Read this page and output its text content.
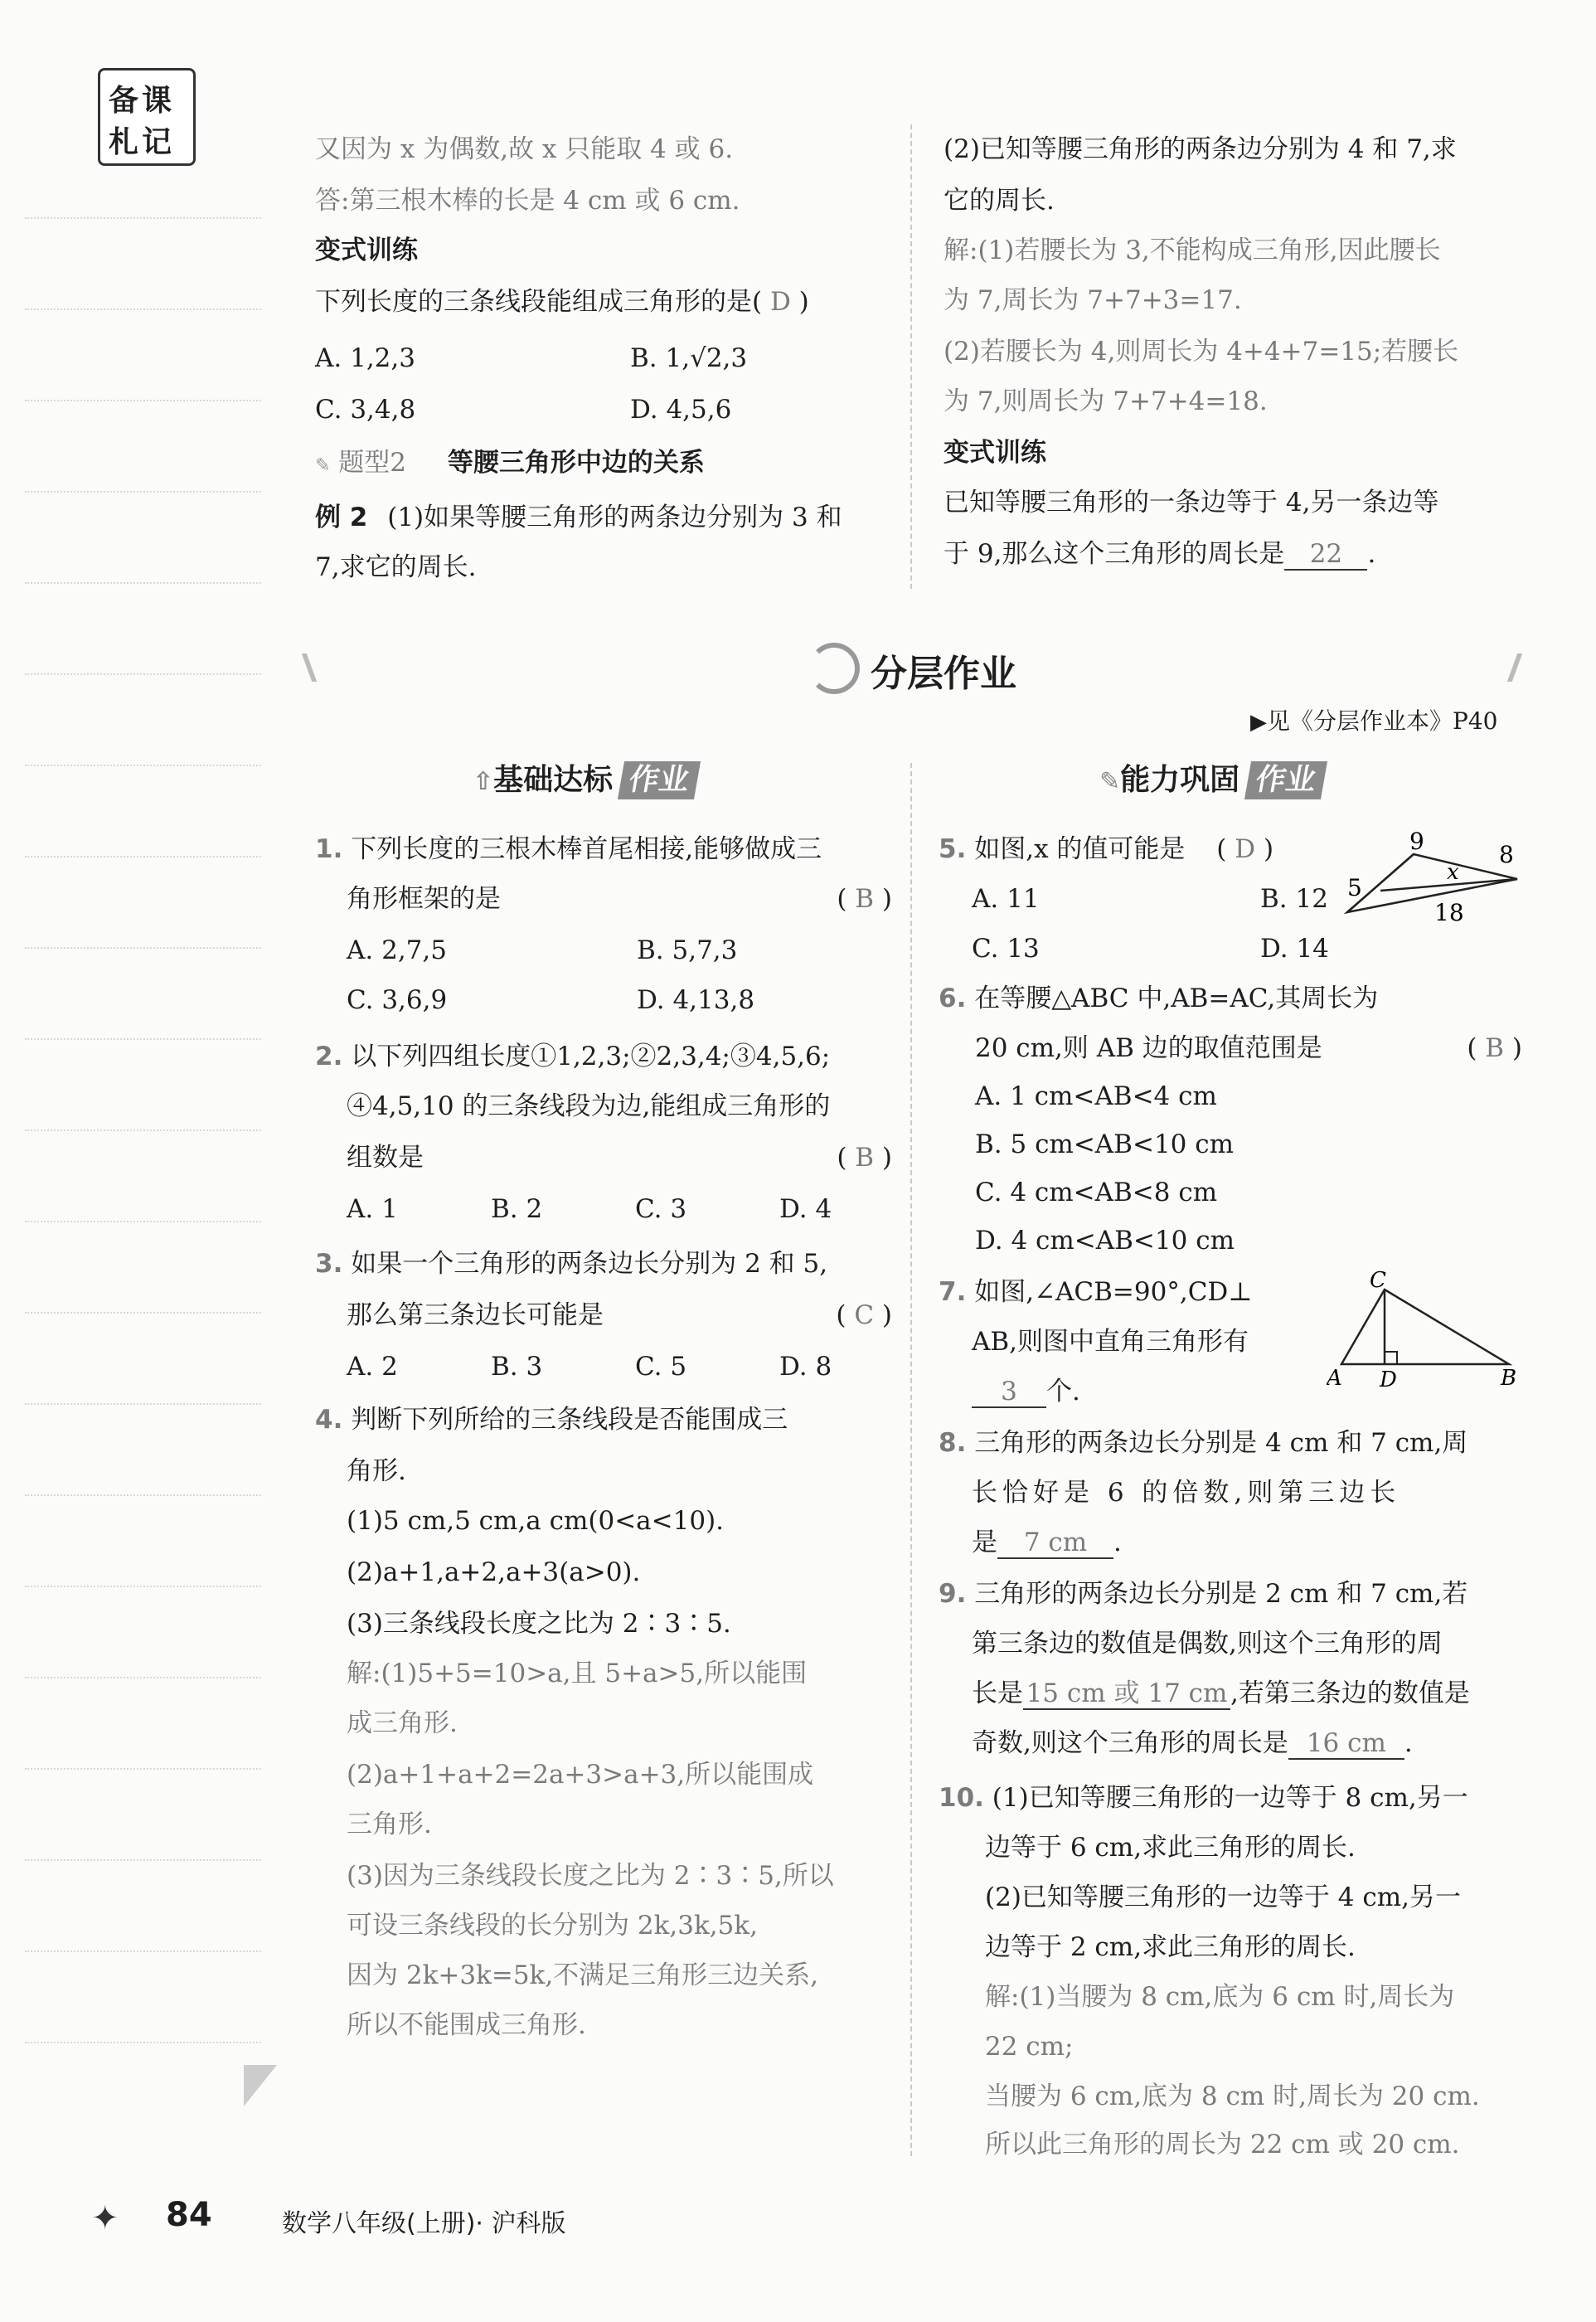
备课
札记	又因为 x 为偶数,故 x 只能取 4 或 6.
答:第三根木棒的长是 4 cm 或 6 cm.
变式训练
下列长度的三条线段能组成三角形的是( D )
A. 1,2,3	B. 1,√2,3
C. 3,4,8	D. 4,5,6
✎ 题型2 等腰三角形中边的关系
例 2 (1)如果等腰三角形的两条边分别为 3 和
7,求它的周长.
(2)已知等腰三角形的两条边分别为 4 和 7,求
它的周长.
解:(1)若腰长为 3,不能构成三角形,因此腰长
为 7,周长为 7+7+3=17.
(2)若腰长为 4,则周长为 4+4+7=15;若腰长
为 7,则周长为 7+7+4=18.
变式训练
已知等腰三角形的一条边等于 4,另一条边等
于 9,那么这个三角形的周长是 22 .
分层作业
▶见《分层作业本》P40
⇧基础达标 作业
1. 下列长度的三根木棒首尾相接,能够做成三
角形框架的是	( B )
A. 2,7,5	B. 5,7,3
C. 3,6,9	D. 4,13,8
2. 以下列四组长度①1,2,3;②2,3,4;③4,5,6;
④4,5,10 的三条线段为边,能组成三角形的
组数是	( B )
A. 1	B. 2	C. 3	D. 4
3. 如果一个三角形的两条边长分别为 2 和 5,
那么第三条边长可能是	( C )
A. 2	B. 3	C. 5	D. 8
4. 判断下列所给的三条线段是否能围成三
角形.
(1)5 cm,5 cm,a cm(0<a<10).
(2)a+1,a+2,a+3(a>0).
(3)三条线段长度之比为 2∶3∶5.
解:(1)5+5=10>a,且 5+a>5,所以能围
成三角形.
(2)a+1+a+2=2a+3>a+3,所以能围成
三角形.
(3)因为三条线段长度之比为 2∶3∶5,所以
可设三条线段的长分别为 2k,3k,5k,
因为 2k+3k=5k,不满足三角形三边关系,
所以不能围成三角形.
✎能力巩固 作业
5. 如图,x 的值可能是 ( D )
A. 11	B. 12
C. 13	D. 14
9	8
x
5
18
6. 在等腰△ABC 中,AB=AC,其周长为
20 cm,则 AB 边的取值范围是	( B )
A. 1 cm<AB<4 cm
B. 5 cm<AB<10 cm
C. 4 cm<AB<8 cm
D. 4 cm<AB<10 cm
7. 如图,∠ACB=90°,CD⊥
AB,则图中直角三角形有
3 个.
C
A D	B
8. 三角形的两条边长分别是 4 cm 和 7 cm,周
长恰好是 6 的倍数,则第三边长
是 7 cm .
9. 三角形的两条边长分别是 2 cm 和 7 cm,若
第三条边的数值是偶数,则这个三角形的周
长是 15 cm 或 17 cm ,若第三条边的数值是
奇数,则这个三角形的周长是 16 cm .
10. (1)已知等腰三角形的一边等于 8 cm,另一
边等于 6 cm,求此三角形的周长.
(2)已知等腰三角形的一边等于 4 cm,另一
边等于 2 cm,求此三角形的周长.
解:(1)当腰为 8 cm,底为 6 cm 时,周长为
22 cm;
当腰为 6 cm,底为 8 cm 时,周长为 20 cm.
所以此三角形的周长为 22 cm 或 20 cm.
✦ 84	数学八年级(上册)· 沪科版
